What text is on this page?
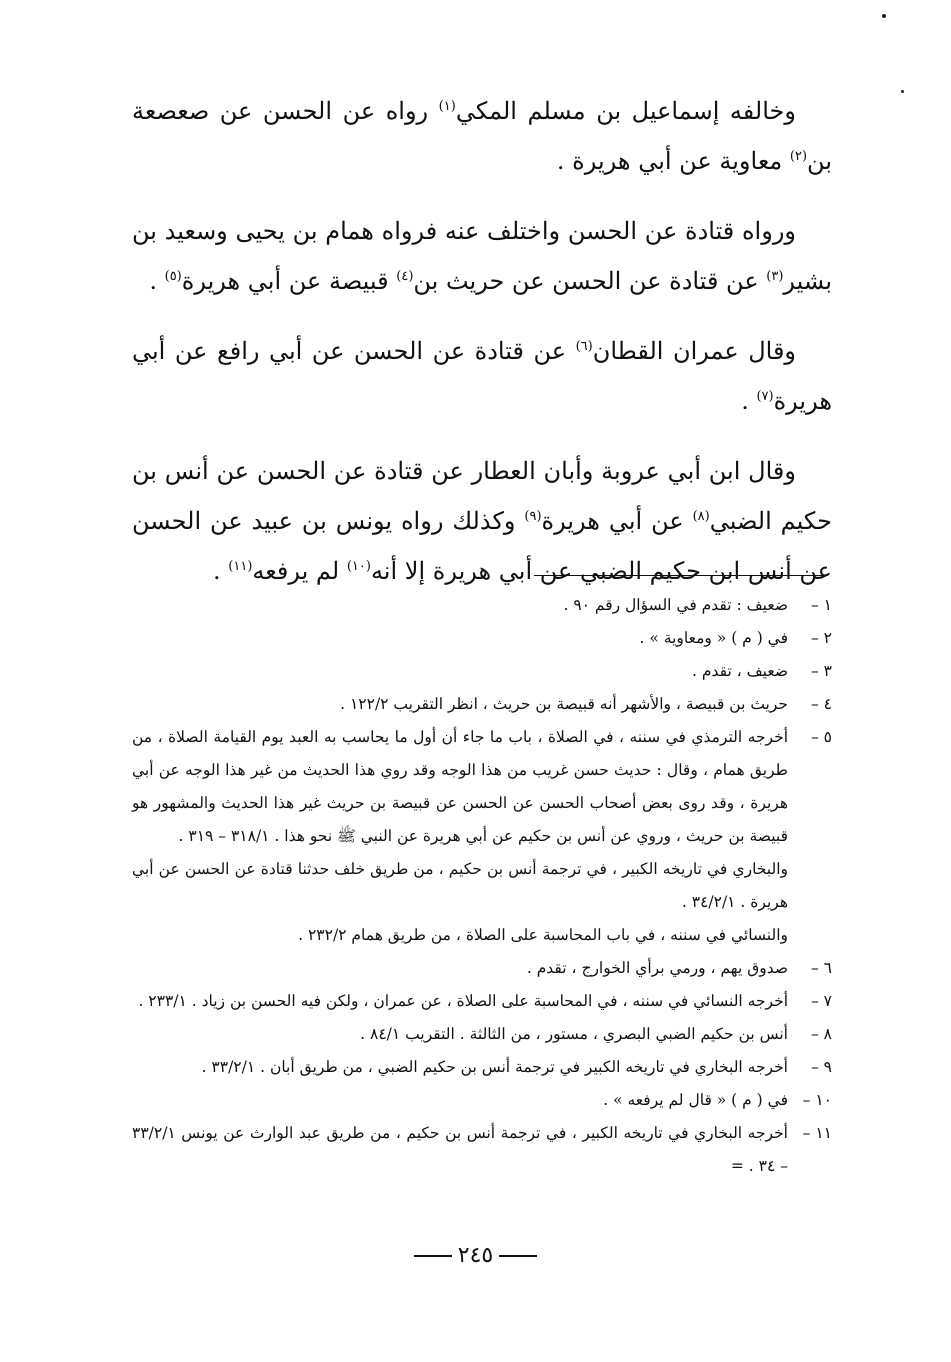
وخالفه إسماعيل بن مسلم المكي$^{(١)}$ رواه عن الحسن عن صعصعة بن$^{(٢)}$ معاوية عن أبي هريرة .

ورواه قتادة عن الحسن واختلف عنه فرواه همام بن يحيى وسعيد بن بشير$^{(٣)}$ عن قتادة عن الحسن عن حريث بن$^{(٤)}$ قبيصة عن أبي هريرة$^{(٥)}$ .

وقال عمران القطان$^{(٦)}$ عن قتادة عن الحسن عن أبي رافع عن أبي هريرة$^{(٧)}$ .

وقال ابن أبي عروبة وأبان العطار عن قتادة عن الحسن عن أنس بن حكيم الضبي$^{(٨)}$ عن أبي هريرة$^{(٩)}$ وكذلك رواه يونس بن عبيد عن الحسن عن أنس ابن حكيم الضبي عن أبي هريرة إلا أنه$^{(١٠)}$ لم يرفعه$^{(١١)}$ .

١ –
ضعيف : تقدم في السؤال رقم ٩٠ .
٢ –
في ( م ) « ومعاوية » .
٣ –
ضعيف ، تقدم .
٤ –
حريث بن قبيصة ، والأشهر أنه قبيصة بن حريث ، انظر التقريب ١٢٢/٢ .
٥ –
أخرجه الترمذي في سننه ، في الصلاة ، باب ما جاء أن أول ما يحاسب به العبد يوم القيامة الصلاة ، من طريق همام ، وقال : حديث حسن غريب من هذا الوجه وقد روي هذا الحديث من غير هذا الوجه عن أبي هريرة ، وقد روى بعض أصحاب الحسن عن الحسن عن قبيصة بن حريث غير هذا الحديث والمشهور هو قبيصة بن حريث ، وروي عن أنس بن حكيم عن أبي هريرة عن النبي ﷺ نحو هذا . ٣١٨/١ – ٣١٩ .
والبخاري في تاريخه الكبير ، في ترجمة أنس بن حكيم ، من طريق خلف حدثنا قتادة عن الحسن عن أبي هريرة . ٣٤/٢/١ .
والنسائي في سننه ، في باب المحاسبة على الصلاة ، من طريق همام ٢٣٢/٢ .
٦ –
صدوق يهم ، ورمي برأي الخوارج ، تقدم .
٧ –
أخرجه النسائي في سننه ، في المحاسبة على الصلاة ، عن عمران ، ولكن فيه الحسن بن زياد . ٢٣٣/١ .
٨ –
أنس بن حكيم الضبي البصري ، مستور ، من الثالثة . التقريب ٨٤/١ .
٩ –
أخرجه البخاري في تاريخه الكبير في ترجمة أنس بن حكيم الضبي ، من طريق أبان . ٣٣/٢/١ .
١٠ –
في ( م ) « قال لم يرفعه » .
١١ –
أخرجه البخاري في تاريخه الكبير ، في ترجمة أنس بن حكيم ، من طريق عبد الوارث عن يونس ٣٣/٢/١ – ٣٤ . =
٢٤٥
